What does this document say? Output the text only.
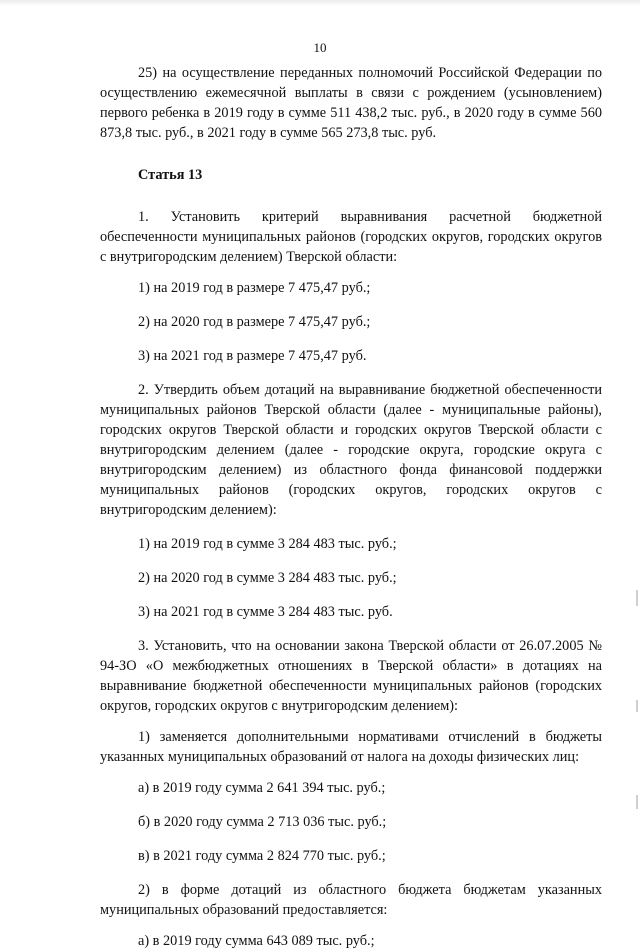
10

25) на осуществление переданных полномочий Российской Федерации по осуществлению ежемесячной выплаты в связи с рождением (усыновлением) первого ребенка в 2019 году в сумме 511 438,2 тыс. руб., в 2020 году в сумме 560 873,8 тыс. руб., в 2021 году в сумме 565 273,8 тыс. руб.

Статья 13

1. Установить критерий выравнивания расчетной бюджетной обеспеченности муниципальных районов (городских округов, городских округов с внутригородским делением) Тверской области:

1) на 2019 год в размере 7 475,47 руб.;

2) на 2020 год в размере 7 475,47 руб.;

3) на 2021 год в размере 7 475,47 руб.

2. Утвердить объем дотаций на выравнивание бюджетной обеспеченности муниципальных районов Тверской области (далее - муниципальные районы), городских округов Тверской области и городских округов Тверской области с внутригородским делением (далее - городские округа, городские округа с внутригородским делением) из областного фонда финансовой поддержки муниципальных районов (городских округов, городских округов с внутригородским делением):

1) на 2019 год в сумме 3 284 483 тыс. руб.;

2) на 2020 год в сумме 3 284 483 тыс. руб.;

3) на 2021 год в сумме 3 284 483 тыс. руб.

3. Установить, что на основании закона Тверской области от 26.07.2005 № 94-ЗО «О межбюджетных отношениях в Тверской области» в дотациях на выравнивание бюджетной обеспеченности муниципальных районов (городских округов, городских округов с внутригородским делением):

1) заменяется дополнительными нормативами отчислений в бюджеты указанных муниципальных образований от налога на доходы физических лиц:

а) в 2019 году сумма 2 641 394 тыс. руб.;

б) в 2020 году сумма 2 713 036 тыс. руб.;

в) в 2021 году сумма 2 824 770 тыс. руб.;

2) в форме дотаций из областного бюджета бюджетам указанных муниципальных образований предоставляется:

а) в 2019 году сумма 643 089 тыс. руб.;
